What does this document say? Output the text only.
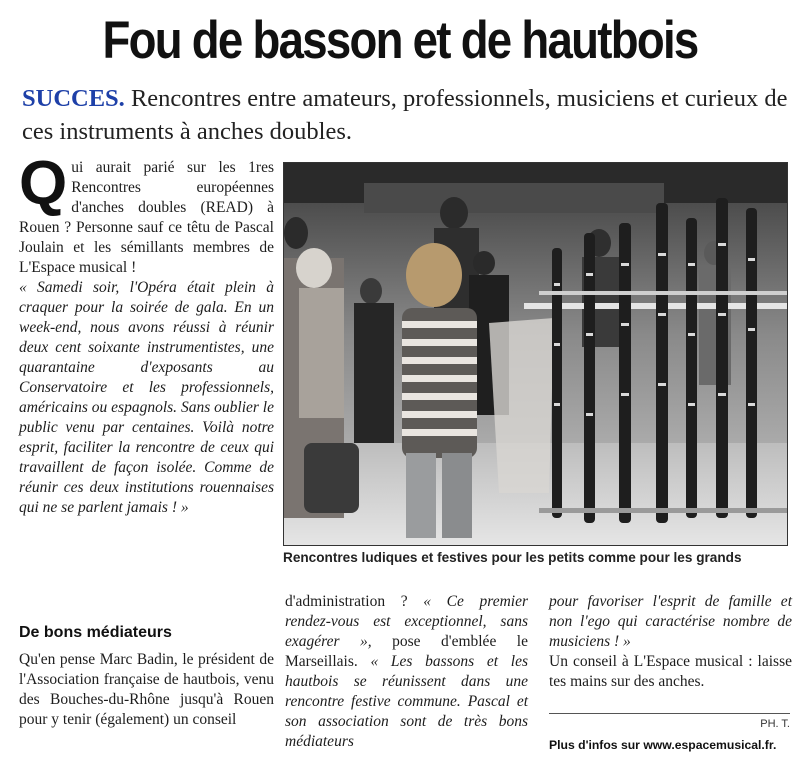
Fou de basson et de hautbois
SUCCES. Rencontres entre amateurs, professionnels, musiciens et curieux de ces instruments à anches doubles.
Q ui aurait parié sur les 1res Rencontres européennes d'anches doubles (READ) à Rouen ? Personne sauf ce têtu de Pascal Joulain et les sémillants membres de L'Espace musical !

« Samedi soir, l'Opéra était plein à craquer pour la soirée de gala. En un week-end, nous avons réussi à réunir deux cent soixante instrumentistes, une quarantaine d'exposants au Conservatoire et les professionnels, américains ou espagnols. Sans oublier le public venu par centaines. Voilà notre esprit, faciliter la rencontre de ceux qui travaillent de façon isolée. Comme de réunir ces deux institutions rouennaises qui ne se parlent jamais ! »

De bons médiateurs

Qu'en pense Marc Badin, le président de l'Association française de hautbois, venu des Bouches-du-Rhône jusqu'à Rouen pour y tenir (également) un conseil

d'administration ? « Ce premier rendez-vous est exceptionnel, sans exagérer », pose d'emblée le Marseillais. « Les bassons et les hautbois se réunissent dans une rencontre festive commune. Pascal et son association sont de très bons médiateurs

pour favoriser l'esprit de famille et non l'ego qui caractérise nombre de musiciens ! »

Un conseil à L'Espace musical : laisse tes mains sur des anches.

Rencontres ludiques et festives pour les petits comme pour les grands
PH. T.
Plus d'infos sur www.espacemusical.fr.
